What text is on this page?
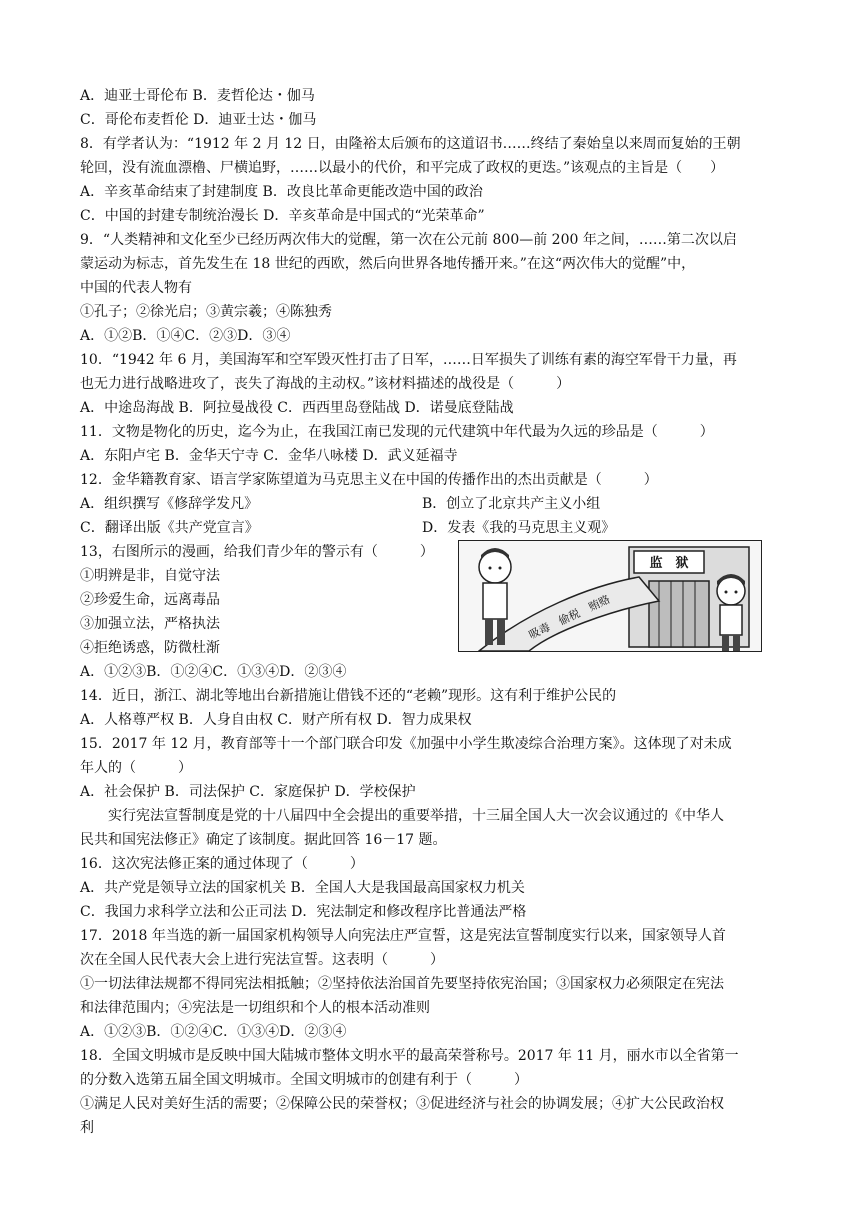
A．迪亚士哥伦布 B．麦哲伦达・伽马
C．哥伦布麦哲伦 D．迪亚士达・伽马
8．有学者认为：“1912 年 2 月 12 日，由隆裕太后颁布的这道诏书……终结了秦始皇以来周而复始的王朝
轮回，没有流血漂橹、尸横追野，……以最小的代价，和平完成了政权的更迭。”该观点的主旨是（　　）
A．辛亥革命结束了封建制度 B．改良比革命更能改造中国的政治
C．中国的封建专制统治漫长 D．辛亥革命是中国式的“光荣革命”
9．“人类精神和文化至少已经历两次伟大的觉醒，第一次在公元前 800—前 200 年之间，……第二次以启
蒙运动为标志，首先发生在 18 世纪的西欧，然后向世界各地传播开来。”在这“两次伟大的觉醒”中，
中国的代表人物有
①孔子；②徐光启；③黄宗羲；④陈独秀
A．①②B．①④C．②③D．③④
10．“1942 年 6 月，美国海军和空军毁灭性打击了日军，……日军损失了训练有素的海空军骨干力量，再
也无力进行战略进攻了，丧失了海战的主动权。”该材料描述的战役是（　　　）
A．中途岛海战 B．阿拉曼战役 C．西西里岛登陆战 D．诺曼底登陆战
11．文物是物化的历史，迄今为止，在我国江南已发现的元代建筑中年代最为久远的珍品是（　　　）
A．东阳卢宅 B．金华天宁寺 C．金华八咏楼 D．武义延福寺
12．金华籍教育家、语言学家陈望道为马克思主义在中国的传播作出的杰出贡献是（　　　）
A．组织撰写《修辞学发凡》	B．创立了北京共产主义小组
C．翻译出版《共产党宣言》	D．发表《我的马克思主义观》
13，右图所示的漫画，给我们青少年的警示有（　　　）
①明辨是非，自觉守法
②珍爱生命，远离毒品
③加强立法，严格执法
④拒绝诱惑，防微杜渐
A．①②③B．①②④C．①③④D．②③④
监　狱
吸毒　偷税　贿赂
14．近日，浙江、湖北等地出台新措施让借钱不还的“老赖”现形。这有利于维护公民的
A．人格尊严权 B．人身自由权 C．财产所有权 D．智力成果权
15．2017 年 12 月，教育部等十一个部门联合印发《加强中小学生欺凌综合治理方案》。这体现了对未成
年人的（　　　）
A．社会保护 B．司法保护 C．家庭保护 D．学校保护
实行宪法宣誓制度是党的十八届四中全会提出的重要举措，十三届全国人大一次会议通过的《中华人
民共和国宪法修正》确定了该制度。据此回答 16－17 题。
16．这次宪法修正案的通过体现了（　　　）
A．共产党是领导立法的国家机关 B．全国人大是我国最高国家权力机关
C．我国力求科学立法和公正司法 D．宪法制定和修改程序比普通法严格
17．2018 年当选的新一届国家机构领导人向宪法庄严宣誓，这是宪法宣誓制度实行以来，国家领导人首
次在全国人民代表大会上进行宪法宣誓。这表明（　　　）
①一切法律法规都不得同宪法相抵触；②坚持依法治国首先要坚持依宪治国；③国家权力必须限定在宪法
和法律范围内；④宪法是一切组织和个人的根本活动准则
A．①②③B．①②④C．①③④D．②③④
18．全国文明城市是反映中国大陆城市整体文明水平的最高荣誉称号。2017 年 11 月，丽水市以全省第一
的分数入选第五届全国文明城市。全国文明城市的创建有利于（　　　）
①满足人民对美好生活的需要；②保障公民的荣誉权；③促进经济与社会的协调发展；④扩大公民政治权
利
